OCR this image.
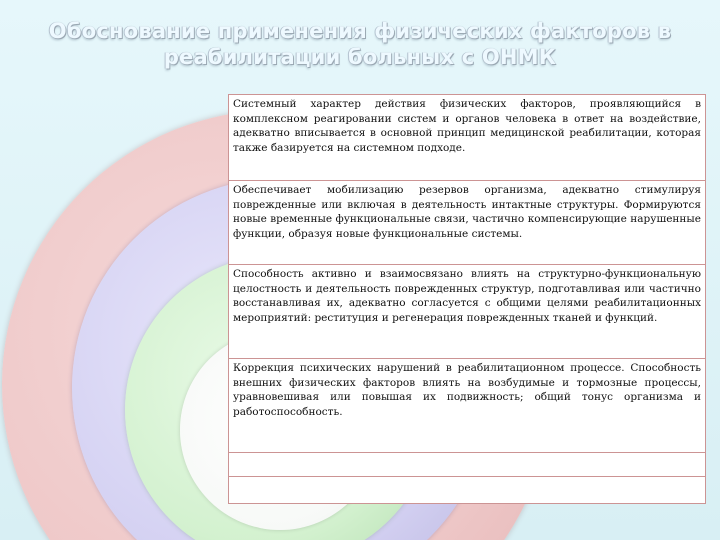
Обоснование применения физических факторов в
реабилитации больных с ОНМК

Системный характер действия физических факторов, проявляющийся в комплексном реагировании систем и органов человека в ответ на воздействие, адекватно вписывается в основной принцип медицинской реабилитации, которая также базируется на системном подходе.

Обеспечивает мобилизацию резервов организма, адекватно стимулируя поврежденные или включая в деятельность интактные структуры. Формируются новые временные функциональные связи, частично компенсирующие нарушенные функции, образуя новые функциональные системы.

Способность активно и взаимосвязано влиять на структурно-функциональную целостность и деятельность поврежденных структур, подготавливая или частично восстанавливая их, адекватно согласуется с общими целями реабилитационных мероприятий: реституция и регенерация поврежденных тканей и функций.

Коррекция психических нарушений в реабилитационном процессе. Способность внешних физических факторов влиять на возбудимые и тормозные процессы, уравновешивая или повышая их подвижность; общий тонус организма и работоспособность.
